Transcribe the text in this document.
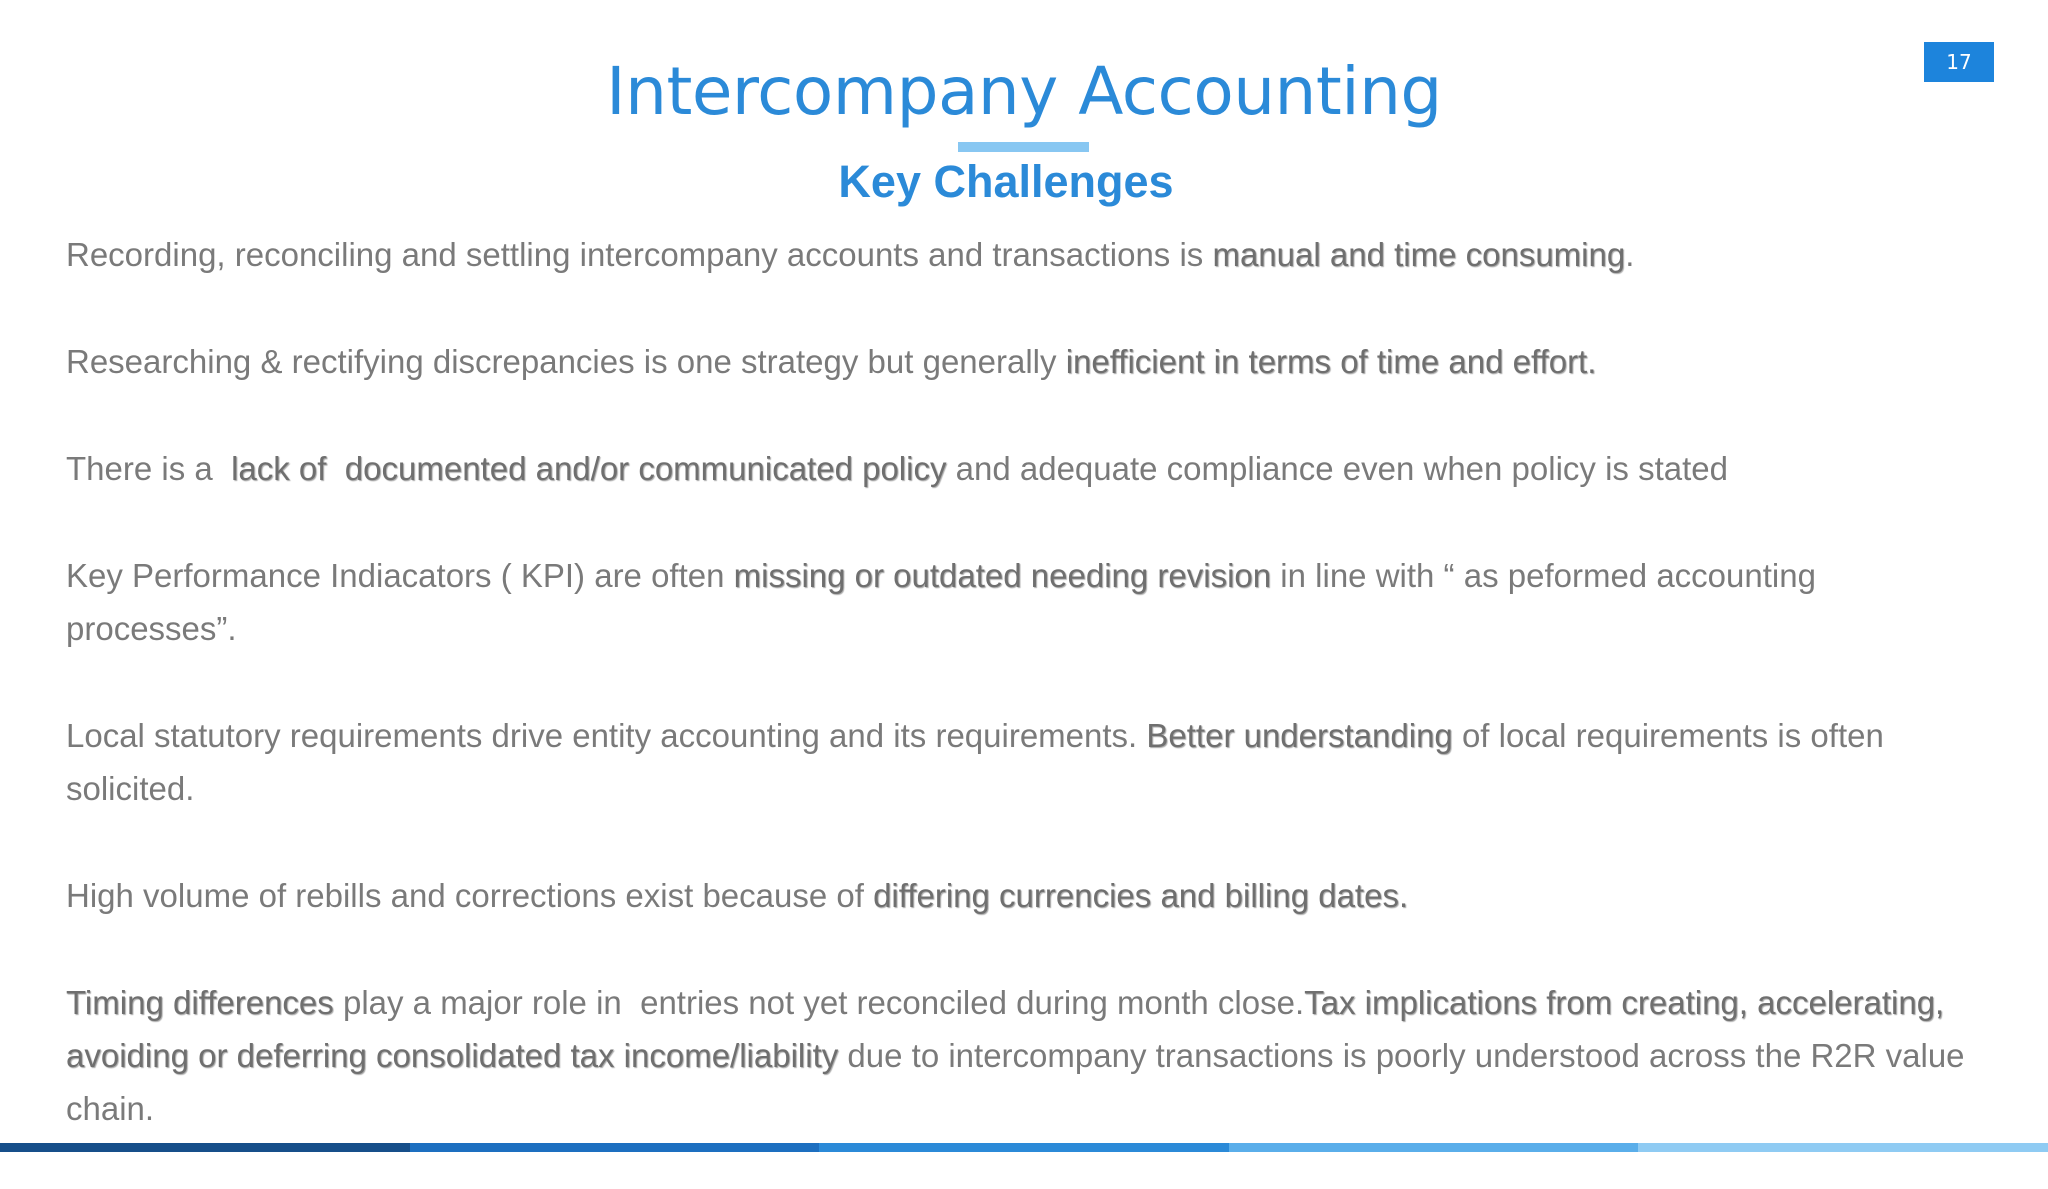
Intercompany Accounting
Key Challenges
17

Recording, reconciling and settling intercompany accounts and transactions is manual and time consuming.

Researching & rectifying discrepancies is one strategy but generally inefficient in terms of time and effort.

There is a  lack of  documented and/or communicated policy and adequate compliance even when policy is stated

Key Performance Indiacators ( KPI) are often missing or outdated needing revision in line with “ as peformed accounting processes”.

Local statutory requirements drive entity accounting and its requirements. Better understanding of local requirements is often solicited.

High volume of rebills and corrections exist because of differing currencies and billing dates.

Timing differences play a major role in  entries not yet reconciled during month close.Tax implications from creating, accelerating, avoiding or deferring consolidated tax income/liability due to intercompany transactions is poorly understood across the R2R value chain.
